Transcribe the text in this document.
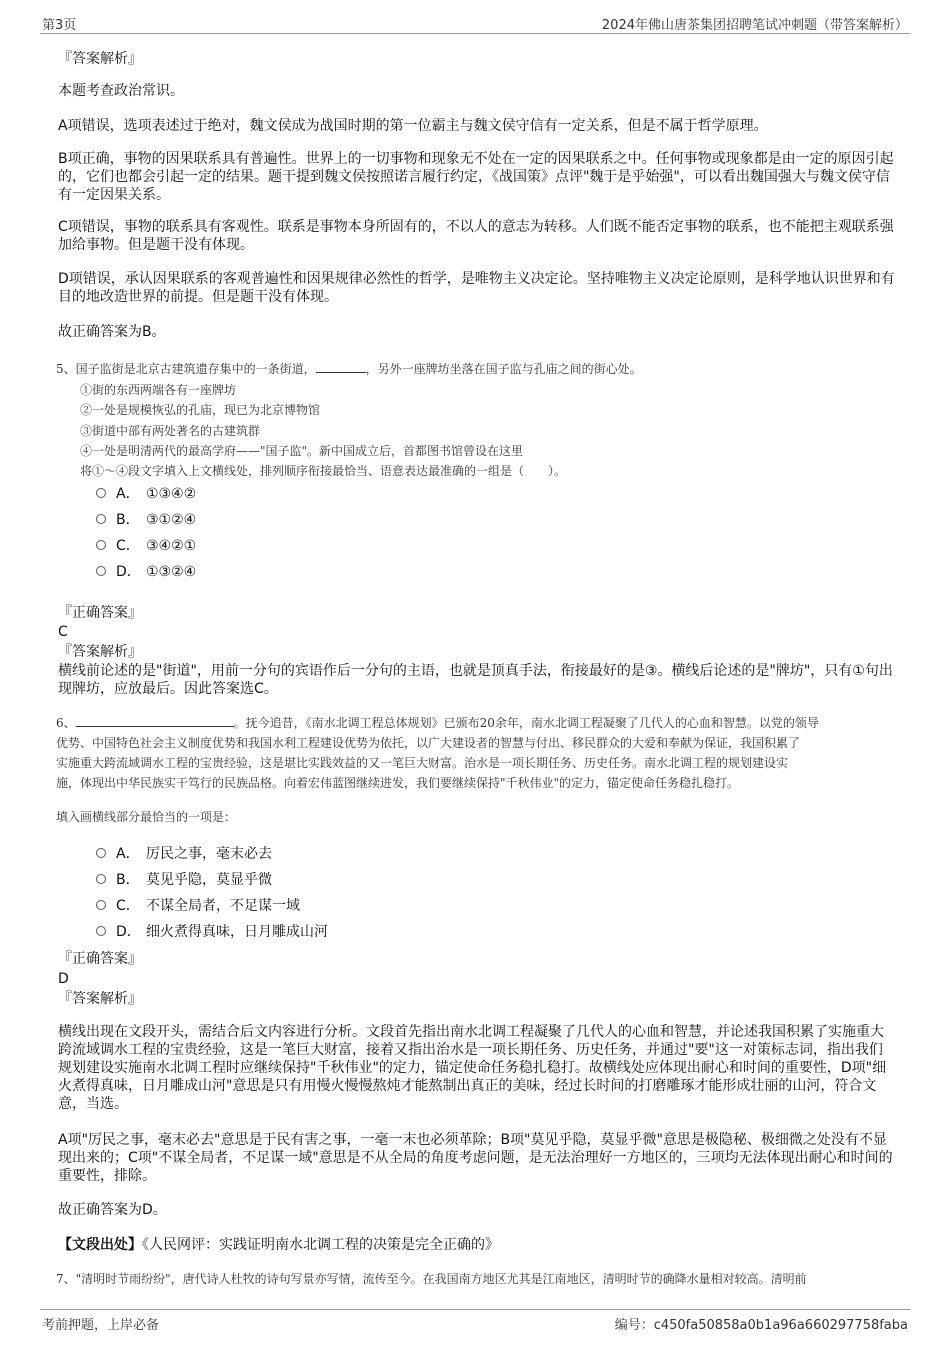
第3页	2024年佛山唐茶集团招聘笔试冲刺题（带答案解析）
『答案解析』
本题考查政治常识。
A项错误，选项表述过于绝对，魏文侯成为战国时期的第一位霸主与魏文侯守信有一定关系，但是不属于哲学原理。
B项正确，事物的因果联系具有普遍性。世界上的一切事物和现象无不处在一定的因果联系之中。任何事物或现象都是由一定的原因引起的，它们也都会引起一定的结果。题干提到魏文侯按照诺言履行约定，《战国策》点评"魏于是乎始强"，可以看出魏国强大与魏文侯守信有一定因果关系。
C项错误，事物的联系具有客观性。联系是事物本身所固有的，不以人的意志为转移。人们既不能否定事物的联系，也不能把主观联系强加给事物。但是题干没有体现。
D项错误，承认因果联系的客观普遍性和因果规律必然性的哲学，是唯物主义决定论。坚持唯物主义决定论原则，是科学地认识世界和有目的地改造世界的前提。但是题干没有体现。
故正确答案为B。
5、国子监街是北京古建筑遗存集中的一条街道，	，另外一座牌坊坐落在国子监与孔庙之间的街心处。
①街的东西两端各有一座牌坊
②一处是规模恢弘的孔庙，现已为北京博物馆
③街道中部有两处著名的古建筑群
④一处是明清两代的最高学府——"国子监"。新中国成立后，首都图书馆曾设在这里
将①～④段文字填入上文横线处，排列顺序衔接最恰当、语意表达最准确的一组是（　　）。
A． ①③④②
B． ③①②④
C． ③④②①
D． ①③②④
『正确答案』
C
『答案解析』
横线前论述的是"街道"，用前一分句的宾语作后一分句的主语，也就是顶真手法，衔接最好的是③。横线后论述的是"牌坊"，只有①句出现牌坊，应放最后。因此答案选C。
6、	。抚今追昔，《南水北调工程总体规划》已颁布20余年，南水北调工程凝聚了几代人的心血和智慧。以党的领导
优势、中国特色社会主义制度优势和我国水利工程建设优势为依托，以广大建设者的智慧与付出、移民群众的大爱和奉献为保证，我国积累了
实施重大跨流域调水工程的宝贵经验，这是堪比实践效益的又一笔巨大财富。治水是一项长期任务、历史任务。南水北调工程的规划建设实
施，体现出中华民族实干笃行的民族品格。向着宏伟蓝图继续进发，我们要继续保持"千秋伟业"的定力，锚定使命任务稳扎稳打。
填入画横线部分最恰当的一项是：
A． 厉民之事，毫末必去
B． 莫见乎隐，莫显乎微
C． 不谋全局者，不足谋一域
D． 细火煮得真味，日月雕成山河
『正确答案』
D
『答案解析』
横线出现在文段开头，需结合后文内容进行分析。文段首先指出南水北调工程凝聚了几代人的心血和智慧，并论述我国积累了实施重大跨流域调水工程的宝贵经验，这是一笔巨大财富，接着又指出治水是一项长期任务、历史任务，并通过"要"这一对策标志词，指出我们规划建设实施南水北调工程时应继续保持"千秋伟业"的定力，锚定使命任务稳扎稳打。故横线处应体现出耐心和时间的重要性，D项"细火煮得真味，日月雕成山河"意思是只有用慢火慢慢熬炖才能熬制出真正的美味，经过长时间的打磨雕琢才能形成壮丽的山河，符合文意，当选。
A项"厉民之事，毫末必去"意思是于民有害之事，一毫一末也必须革除；B项"莫见乎隐，莫显乎微"意思是极隐秘、极细微之处没有不显现出来的；C项"不谋全局者，不足谋一域"意思是不从全局的角度考虑问题，是无法治理好一方地区的，三项均无法体现出耐心和时间的重要性，排除。
故正确答案为D。
【文段出处】《人民网评：实践证明南水北调工程的决策是完全正确的》
7、"清明时节雨纷纷"，唐代诗人杜牧的诗句写景亦写情，流传至今。在我国南方地区尤其是江南地区，清明时节的确降水量相对较高。清明前
考前押题，上岸必备	编号：c450fa50858a0b1a96a660297758faba
